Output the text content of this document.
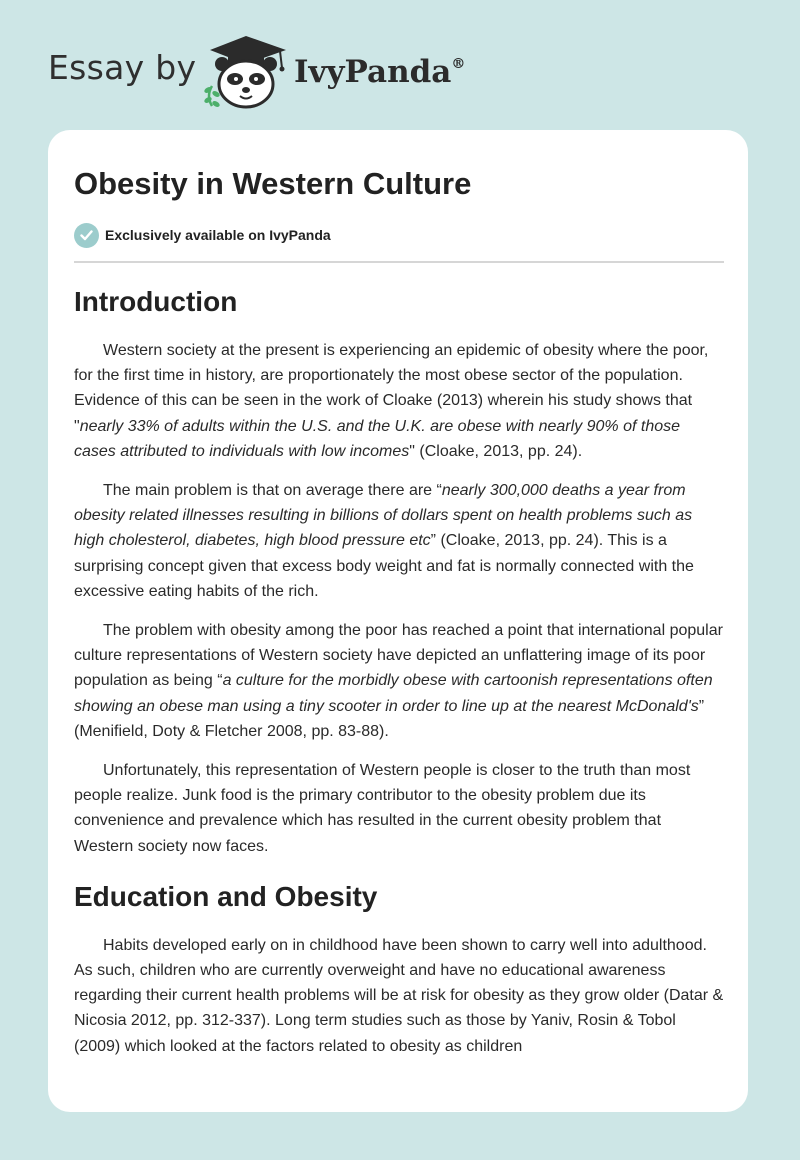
Essay by	IvyPanda®
Obesity in Western Culture
Exclusively available on IvyPanda
Introduction

Western society at the present is experiencing an epidemic of obesity where the poor, for the first time in history, are proportionately the most obese sector of the population. Evidence of this can be seen in the work of Cloake (2013) wherein his study shows that "nearly 33% of adults within the U.S. and the U.K. are obese with nearly 90% of those cases attributed to individuals with low incomes" (Cloake, 2013, pp. 24).

The main problem is that on average there are “nearly 300,000 deaths a year from obesity related illnesses resulting in billions of dollars spent on health problems such as high cholesterol, diabetes, high blood pressure etc” (Cloake, 2013, pp. 24). This is a surprising concept given that excess body weight and fat is normally connected with the excessive eating habits of the rich.

The problem with obesity among the poor has reached a point that international popular culture representations of Western society have depicted an unflattering image of its poor population as being “a culture for the morbidly obese with cartoonish representations often showing an obese man using a tiny scooter in order to line up at the nearest McDonald's” (Menifield, Doty & Fletcher 2008, pp. 83-88).

Unfortunately, this representation of Western people is closer to the truth than most people realize. Junk food is the primary contributor to the obesity problem due its convenience and prevalence which has resulted in the current obesity problem that Western society now faces.

Education and Obesity

Habits developed early on in childhood have been shown to carry well into adulthood. As such, children who are currently overweight and have no educational awareness regarding their current health problems will be at risk for obesity as they grow older (Datar & Nicosia 2012, pp. 312-337). Long term studies such as those by Yaniv, Rosin & Tobol (2009) which looked at the factors related to obesity as children
